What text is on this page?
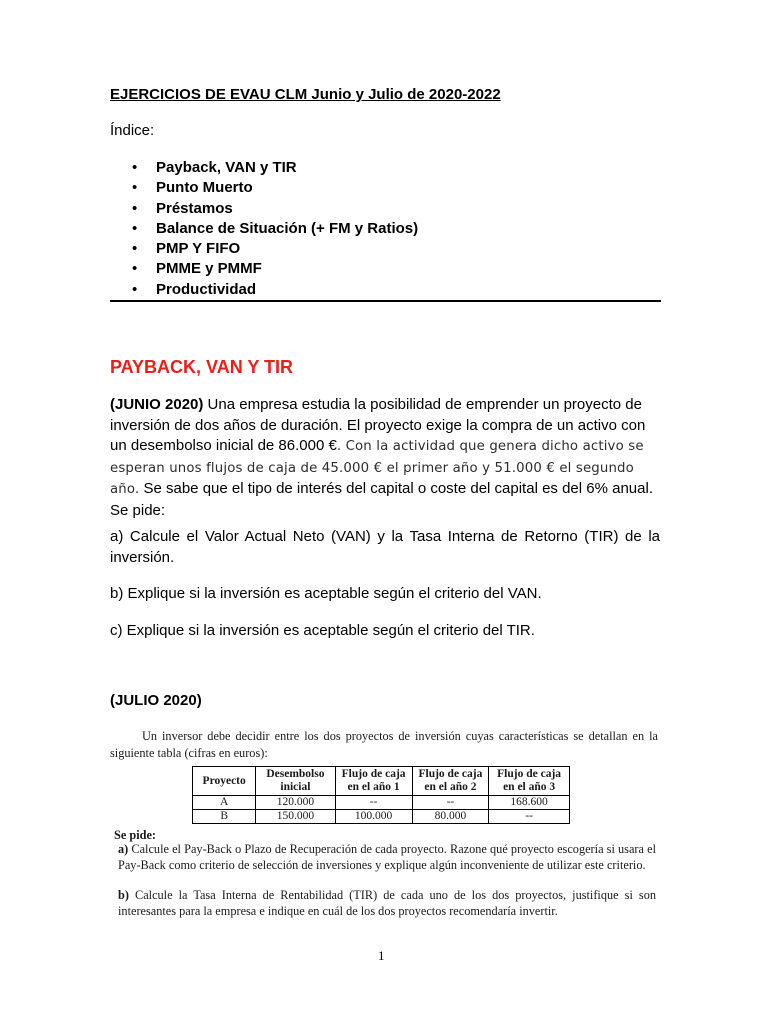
EJERCICIOS DE EVAU CLM Junio y Julio de 2020-2022
Índice:
• Payback, VAN y TIR
• Punto Muerto
• Préstamos
• Balance de Situación (+ FM y Ratios)
• PMP Y FIFO
• PMME y PMMF
• Productividad
PAYBACK, VAN Y TIR
(JUNIO 2020) Una empresa estudia la posibilidad de emprender un proyecto de inversión de dos años de duración. El proyecto exige la compra de un activo con un desembolso inicial de 86.000 €. Con la actividad que genera dicho activo se esperan unos flujos de caja de 45.000 € el primer año y 51.000 € el segundo año. Se sabe que el tipo de interés del capital o coste del capital es del 6% anual. Se pide:
a) Calcule el Valor Actual Neto (VAN) y la Tasa Interna de Retorno (TIR) de la inversión.
b) Explique si la inversión es aceptable según el criterio del VAN.
c) Explique si la inversión es aceptable según el criterio del TIR.
(JULIO 2020)
Un inversor debe decidir entre los dos proyectos de inversión cuyas características se detallan en la siguiente tabla (cifras en euros):
Proyecto	Desembolso inicial	Flujo de caja en el año 1	Flujo de caja en el año 2	Flujo de caja en el año 3
A	120.000	--	--	168.600
B	150.000	100.000	80.000	--
Se pide:
a) Calcule el Pay-Back o Plazo de Recuperación de cada proyecto. Razone qué proyecto escogería si usara el Pay-Back como criterio de selección de inversiones y explique algún inconveniente de utilizar este criterio.
b) Calcule la Tasa Interna de Rentabilidad (TIR) de cada uno de los dos proyectos, justifique si son interesantes para la empresa e indique en cuál de los dos proyectos recomendaría invertir.
1
